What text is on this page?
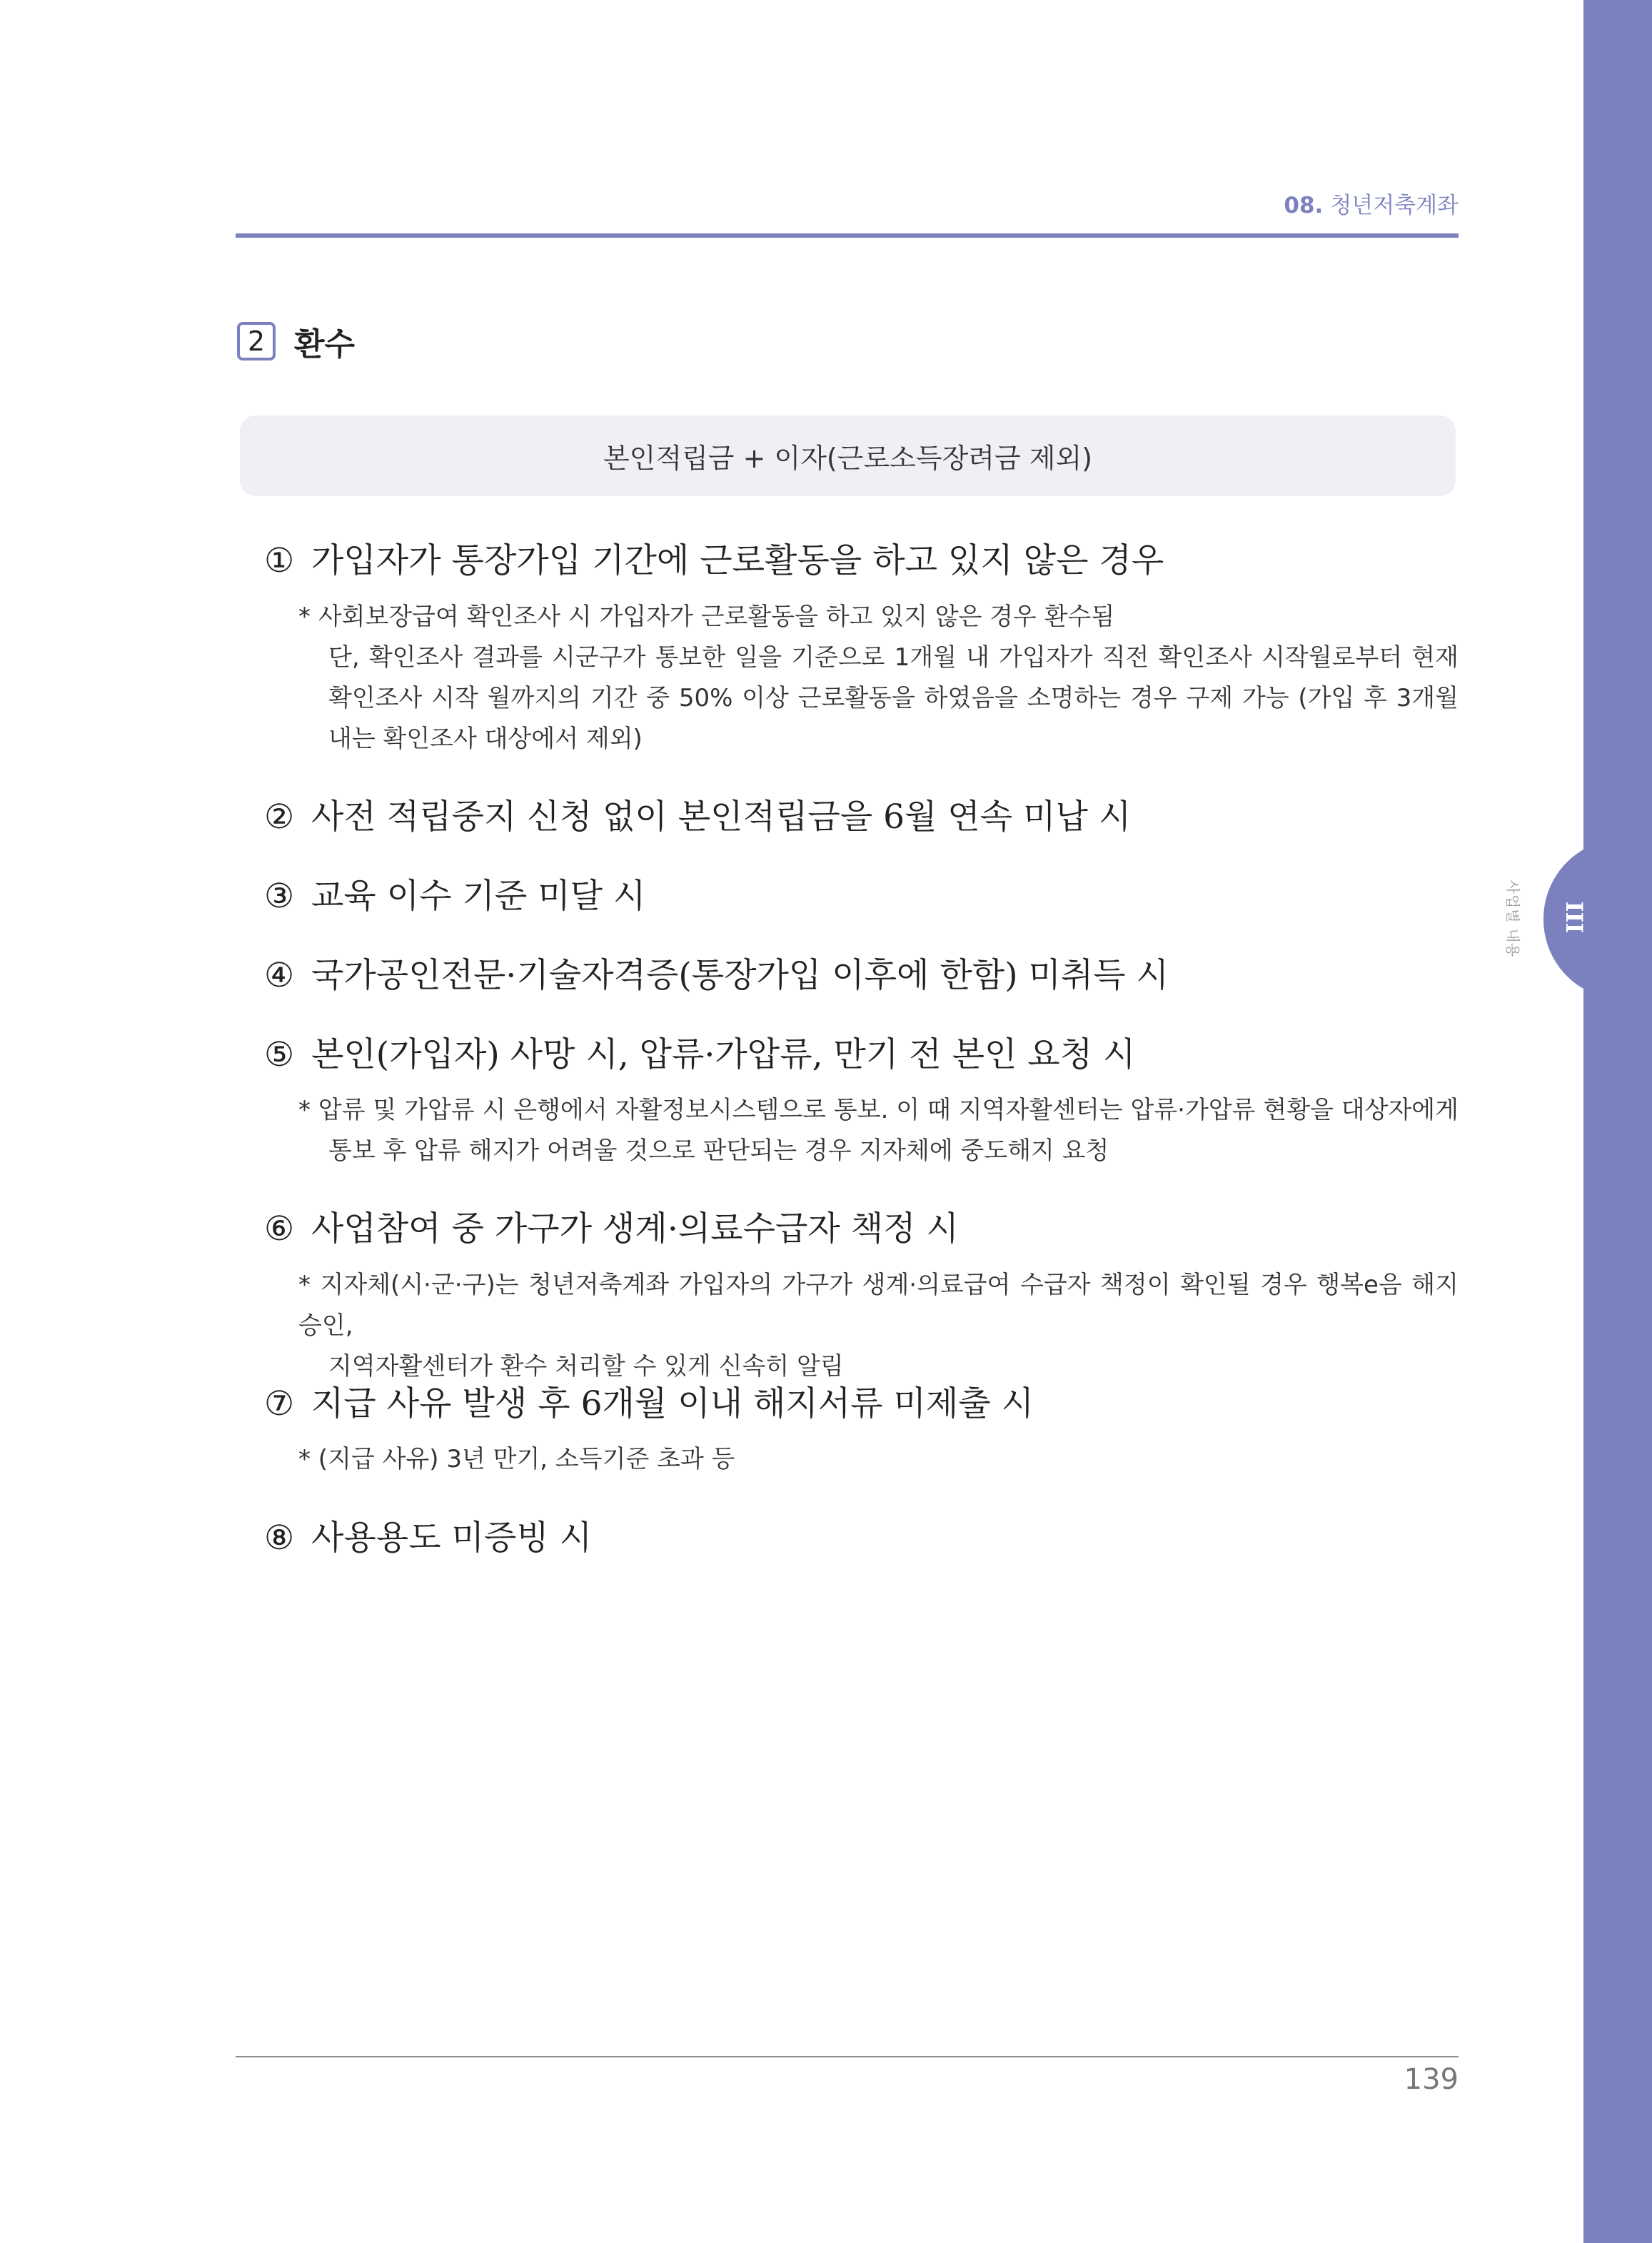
III
사업별 내용
08. 청년저축계좌
2 환수
본인적립금 + 이자(근로소득장려금 제외)
① 가입자가 통장가입 기간에 근로활동을 하고 있지 않은 경우
* 사회보장급여 확인조사 시 가입자가 근로활동을 하고 있지 않은 경우 환수됨
단, 확인조사 결과를 시군구가 통보한 일을 기준으로 1개월 내 가입자가 직전 확인조사 시작월로부터 현재
확인조사 시작 월까지의 기간 중 50% 이상 근로활동을 하였음을 소명하는 경우 구제 가능 (가입 후 3개월
내는 확인조사 대상에서 제외)
② 사전 적립중지 신청 없이 본인적립금을 6월 연속 미납 시
③ 교육 이수 기준 미달 시
④ 국가공인전문·기술자격증(통장가입 이후에 한함) 미취득 시
⑤ 본인(가입자) 사망 시, 압류·가압류, 만기 전 본인 요청 시
* 압류 및 가압류 시 은행에서 자활정보시스템으로 통보. 이 때 지역자활센터는 압류·가압류 현황을 대상자에게
통보 후 압류 해지가 어려울 것으로 판단되는 경우 지자체에 중도해지 요청
⑥ 사업참여 중 가구가 생계·의료수급자 책정 시
* 지자체(시·군·구)는 청년저축계좌 가입자의 가구가 생계·의료급여 수급자 책정이 확인될 경우 행복e음 해지승인,
지역자활센터가 환수 처리할 수 있게 신속히 알림
⑦ 지급 사유 발생 후 6개월 이내 해지서류 미제출 시
* (지급 사유) 3년 만기, 소득기준 초과 등
⑧ 사용용도 미증빙 시
139
